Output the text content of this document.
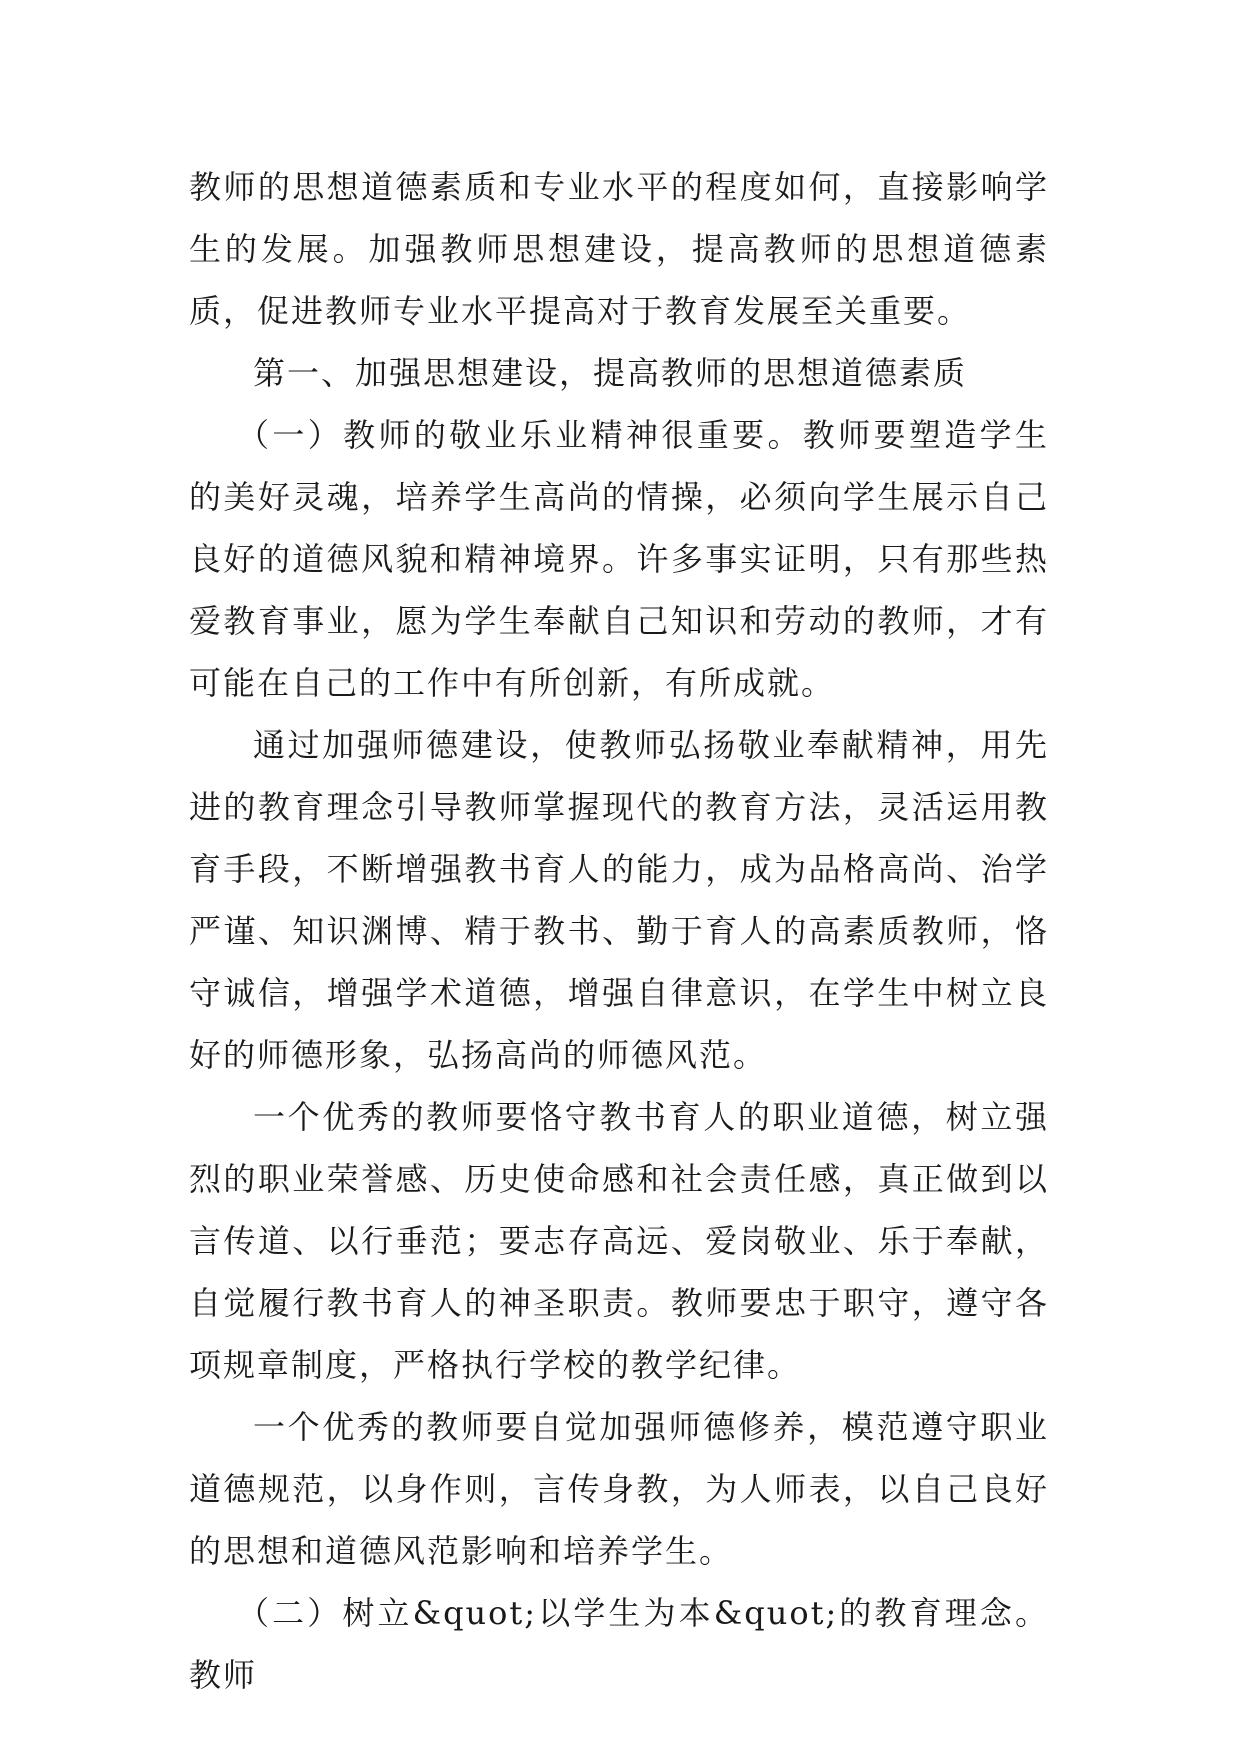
教师的思想道德素质和专业水平的程度如何，直接影响学生的发展。加强教师思想建设，提高教师的思想道德素质，促进教师专业水平提高对于教育发展至关重要。

第一、加强思想建设，提高教师的思想道德素质

（一）教师的敬业乐业精神很重要。教师要塑造学生的美好灵魂，培养学生高尚的情操，必须向学生展示自己良好的道德风貌和精神境界。许多事实证明，只有那些热爱教育事业，愿为学生奉献自己知识和劳动的教师，才有可能在自己的工作中有所创新，有所成就。

通过加强师德建设，使教师弘扬敬业奉献精神，用先进的教育理念引导教师掌握现代的教育方法，灵活运用教育手段，不断增强教书育人的能力，成为品格高尚、治学严谨、知识渊博、精于教书、勤于育人的高素质教师，恪守诚信，增强学术道德，增强自律意识，在学生中树立良好的师德形象，弘扬高尚的师德风范。

一个优秀的教师要恪守教书育人的职业道德，树立强烈的职业荣誉感、历史使命感和社会责任感，真正做到以言传道、以行垂范；要志存高远、爱岗敬业、乐于奉献，自觉履行教书育人的神圣职责。教师要忠于职守，遵守各项规章制度，严格执行学校的教学纪律。

一个优秀的教师要自觉加强师德修养，模范遵守职业道德规范，以身作则，言传身教，为人师表，以自己良好的思想和道德风范影响和培养学生。

（二）树立&quot;以学生为本&quot;的教育理念。教师
